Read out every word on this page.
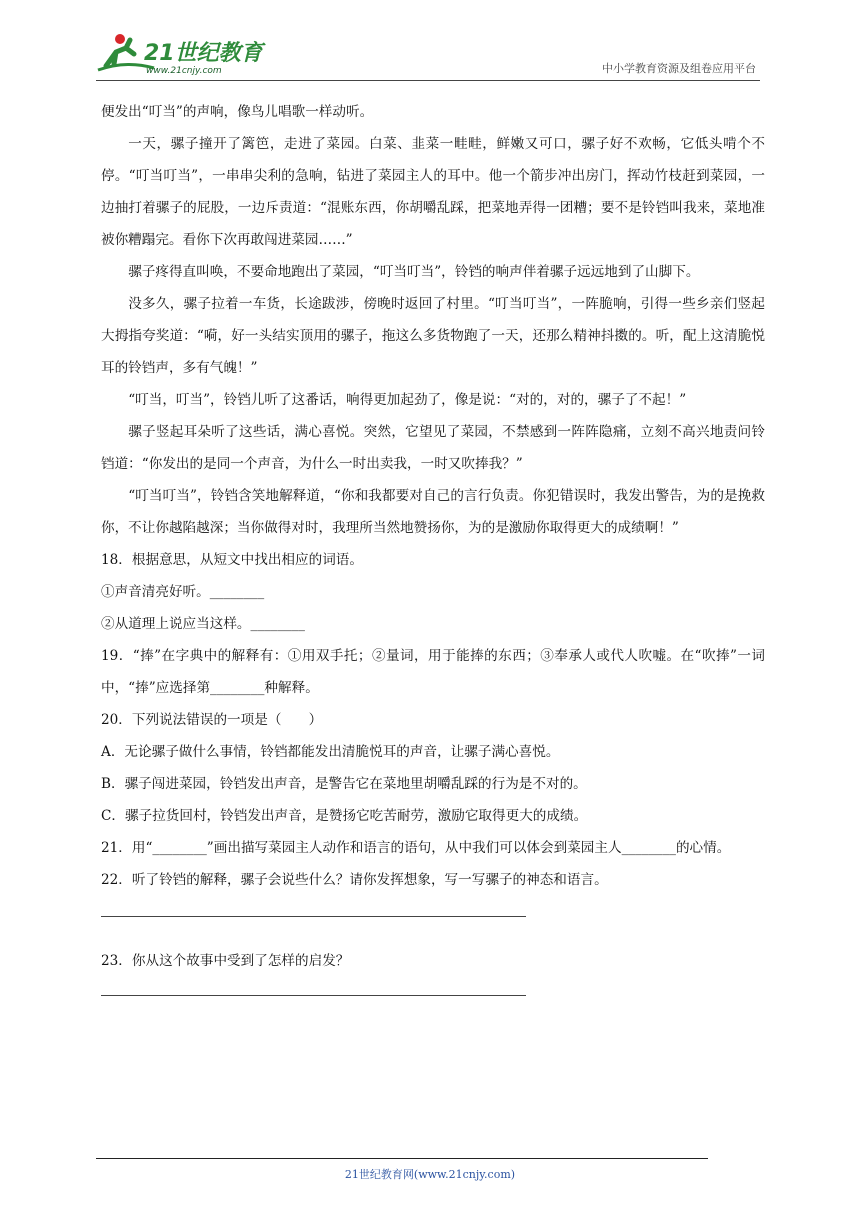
21世纪教育
www.21cnjy.com	中小学教育资源及组卷应用平台

便发出“叮当”的声响，像鸟儿唱歌一样动听。

一天，骡子撞开了篱笆，走进了菜园。白菜、韭菜一畦畦，鲜嫩又可口，骡子好不欢畅，它低头啃个不停。“叮当叮当”，一串串尖利的急响，钻进了菜园主人的耳中。他一个箭步冲出房门，挥动竹枝赶到菜园，一边抽打着骡子的屁股，一边斥责道：“混账东西，你胡嚼乱踩，把菜地弄得一团糟；要不是铃铛叫我来，菜地准被你糟蹋完。看你下次再敢闯进菜园……”

骡子疼得直叫唤，不要命地跑出了菜园，“叮当叮当”，铃铛的响声伴着骡子远远地到了山脚下。

没多久，骡子拉着一车货，长途跋涉，傍晚时返回了村里。“叮当叮当”，一阵脆响，引得一些乡亲们竖起大拇指夸奖道：“嗬，好一头结实顶用的骡子，拖这么多货物跑了一天，还那么精神抖擞的。听，配上这清脆悦耳的铃铛声，多有气魄！”

“叮当，叮当”，铃铛儿听了这番话，响得更加起劲了，像是说：“对的，对的，骡子了不起！”

骡子竖起耳朵听了这些话，满心喜悦。突然，它望见了菜园，不禁感到一阵阵隐痛，立刻不高兴地责问铃铛道：“你发出的是同一个声音，为什么一时出卖我，一时又吹捧我？”

“叮当叮当”，铃铛含笑地解释道，“你和我都要对自己的言行负责。你犯错误时，我发出警告，为的是挽救你，不让你越陷越深；当你做得对时，我理所当然地赞扬你，为的是激励你取得更大的成绩啊！”

18．根据意思，从短文中找出相应的词语。

①声音清亮好听。________

②从道理上说应当这样。________

19．“捧”在字典中的解释有：①用双手托；②量词，用于能捧的东西；③奉承人或代人吹嘘。在“吹捧”一词中，“捧”应选择第________种解释。

20．下列说法错误的一项是（　　）

A．无论骡子做什么事情，铃铛都能发出清脆悦耳的声音，让骡子满心喜悦。

B．骡子闯进菜园，铃铛发出声音，是警告它在菜地里胡嚼乱踩的行为是不对的。

C．骡子拉货回村，铃铛发出声音，是赞扬它吃苦耐劳，激励它取得更大的成绩。

21．用“________”画出描写菜园主人动作和语言的语句，从中我们可以体会到菜园主人________的心情。

22．听了铃铛的解释，骡子会说些什么？请你发挥想象，写一写骡子的神态和语言。

23．你从这个故事中受到了怎样的启发？

21世纪教育网(www.21cnjy.com)
